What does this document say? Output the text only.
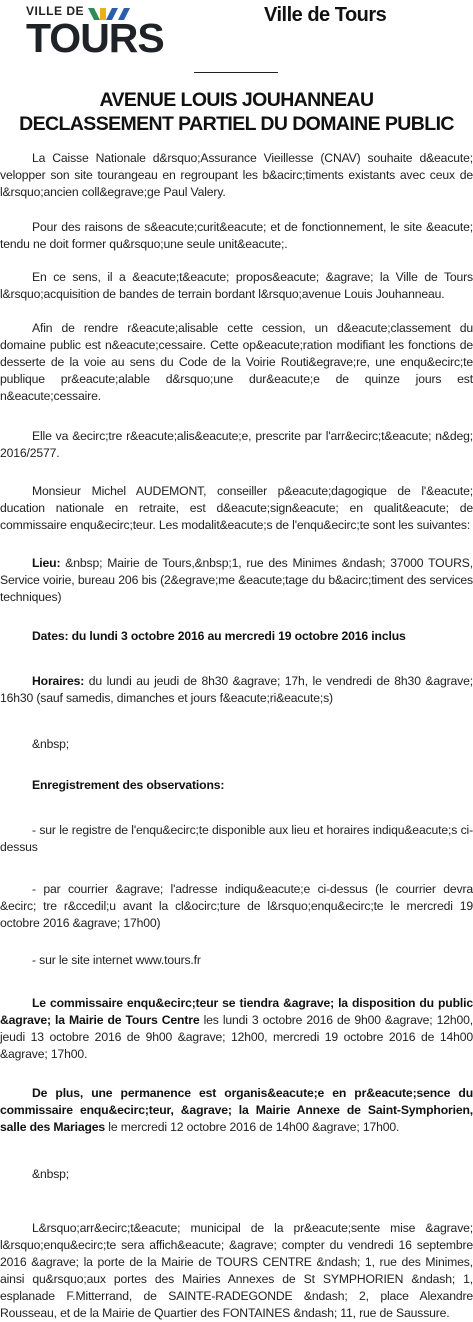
VILLE DE
TOURS	Ville de Tours
AVENUE LOUIS JOUHANNEAU
DECLASSEMENT PARTIEL DU DOMAINE PUBLIC

La Caisse Nationale d&rsquo;Assurance Vieillesse (CNAV) souhaite d&eacute; velopper son site tourangeau en regroupant les b&acirc;timents existants avec ceux de l&rsquo;ancien coll&egrave;ge Paul Valery.

Pour des raisons de s&eacute;curit&eacute; et de fonctionnement, le site &eacute; tendu ne doit former qu&rsquo;une seule unit&eacute;.

En ce sens, il a &eacute;t&eacute; propos&eacute; &agrave; la Ville de Tours l&rsquo;acquisition de bandes de terrain bordant l&rsquo;avenue Louis Jouhanneau.

Afin de rendre r&eacute;alisable cette cession, un d&eacute;classement du domaine public est n&eacute;cessaire. Cette op&eacute;ration modifiant les fonctions de desserte de la voie au sens du Code de la Voirie Routi&egrave;re, une enqu&ecirc;te publique pr&eacute;alable d&rsquo;une dur&eacute;e de quinze jours est n&eacute;cessaire.

Elle va &ecirc;tre r&eacute;alis&eacute;e, prescrite par l'arr&ecirc;t&eacute; n&deg; 2016/2577.

Monsieur Michel AUDEMONT, conseiller p&eacute;dagogique de l'&eacute; ducation nationale en retraite, est d&eacute;sign&eacute; en qualit&eacute; de commissaire enqu&ecirc;teur. Les modalit&eacute;s de l'enqu&ecirc;te sont les suivantes:

Lieu: &nbsp; Mairie de Tours,&nbsp;1, rue des Minimes &ndash; 37000 TOURS, Service voirie, bureau 206 bis (2&egrave;me &eacute;tage du b&acirc;timent des services techniques)

Dates: du lundi 3 octobre 2016 au mercredi 19 octobre 2016 inclus

Horaires: du lundi au jeudi de 8h30 &agrave; 17h, le vendredi de 8h30 &agrave; 16h30 (sauf samedis, dimanches et jours f&eacute;ri&eacute;s)

&nbsp;

Enregistrement des observations:

- sur le registre de l'enqu&ecirc;te disponible aux lieu et horaires indiqu&eacute;s ci-dessus

- par courrier &agrave; l'adresse indiqu&eacute;e ci-dessus (le courrier devra &ecirc; tre r&ccedil;u avant la cl&ocirc;ture de l&rsquo;enqu&ecirc;te le mercredi 19 octobre 2016 &agrave; 17h00)

- sur le site internet www.tours.fr

Le commissaire enqu&ecirc;teur se tiendra &agrave; la disposition du public &agrave; la Mairie de Tours Centre les lundi 3 octobre 2016 de 9h00 &agrave; 12h00, jeudi 13 octobre 2016 de 9h00 &agrave; 12h00, mercredi 19 octobre 2016 de 14h00 &agrave; 17h00.

De plus, une permanence est organis&eacute;e en pr&eacute;sence du commissaire enqu&ecirc;teur, &agrave; la Mairie Annexe de Saint-Symphorien, salle des Mariages le mercredi 12 octobre 2016 de 14h00 &agrave; 17h00.

&nbsp;

L&rsquo;arr&ecirc;t&eacute; municipal de la pr&eacute;sente mise &agrave; l&rsquo;enqu&ecirc;te sera affich&eacute; &agrave; compter du vendredi 16 septembre 2016 &agrave; la porte de la Mairie de TOURS CENTRE &ndash; 1, rue des Minimes, ainsi qu&rsquo;aux portes des Mairies Annexes de St SYMPHORIEN &ndash; 1, esplanade F.Mitterrand, de SAINTE-RADEGONDE &ndash; 2, place Alexandre Rousseau, et de la Mairie de Quartier des FONTAINES &ndash; 11, rue de Saussure.
